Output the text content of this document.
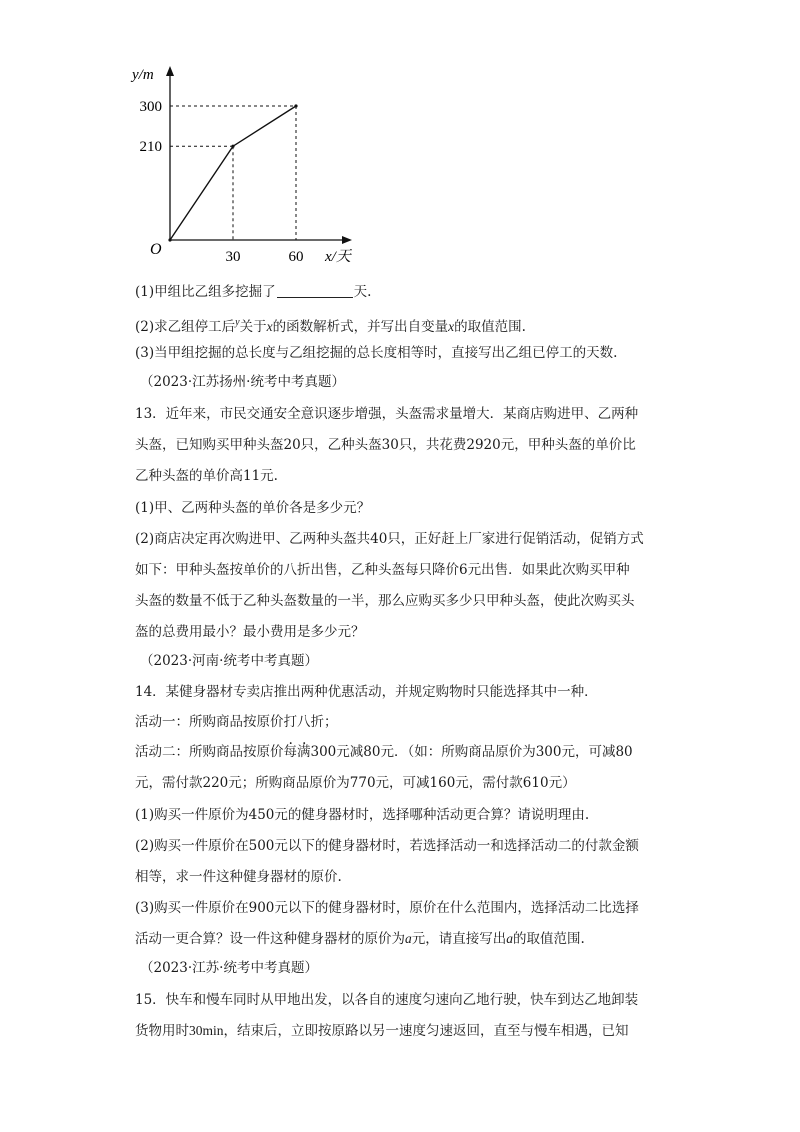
y/m
x/天
O	30	60
210
300
(1)甲组比乙组多挖掘了	天.
(2)求乙组停工后$^y$关于x的函数解析式，并写出自变量x的取值范围.
(3)当甲组挖掘的总长度与乙组挖掘的总长度相等时，直接写出乙组已停工的天数.
（2023·江苏扬州·统考中考真题）
13．近年来，市民交通安全意识逐步增强，头盔需求量增大．某商店购进甲、乙两种
头盔，已知购买甲种头盔20只，乙种头盔30只，共花费2920元，甲种头盔的单价比
乙种头盔的单价高11元.
(1)甲、乙两种头盔的单价各是多少元？
(2)商店决定再次购进甲、乙两种头盔共40只，正好赶上厂家进行促销活动，促销方式
如下：甲种头盔按单价的八折出售，乙种头盔每只降价6元出售．如果此次购买甲种
头盔的数量不低于乙种头盔数量的一半，那么应购买多少只甲种头盔，使此次购买头
盔的总费用最小？最小费用是多少元？
（2023·河南·统考中考真题）
14．某健身器材专卖店推出两种优惠活动，并规定购物时只能选择其中一种．
活动一：所购商品按原价打八折；
活动二：所购商品按原价每满300元减80元．（如：所购商品原价为300元，可减80
元，需付款220元；所购商品原价为770元，可减160元，需付款610元）
(1)购买一件原价为450元的健身器材时，选择哪种活动更合算？请说明理由.
(2)购买一件原价在500元以下的健身器材时，若选择活动一和选择活动二的付款金额
相等，求一件这种健身器材的原价.
(3)购买一件原价在900元以下的健身器材时，原价在什么范围内，选择活动二比选择
活动一更合算？设一件这种健身器材的原价为a元，请直接写出a的取值范围.
（2023·江苏·统考中考真题）
15．快车和慢车同时从甲地出发，以各自的速度匀速向乙地行驶，快车到达乙地卸装
货物用时30min，结束后，立即按原路以另一速度匀速返回，直至与慢车相遇，已知
